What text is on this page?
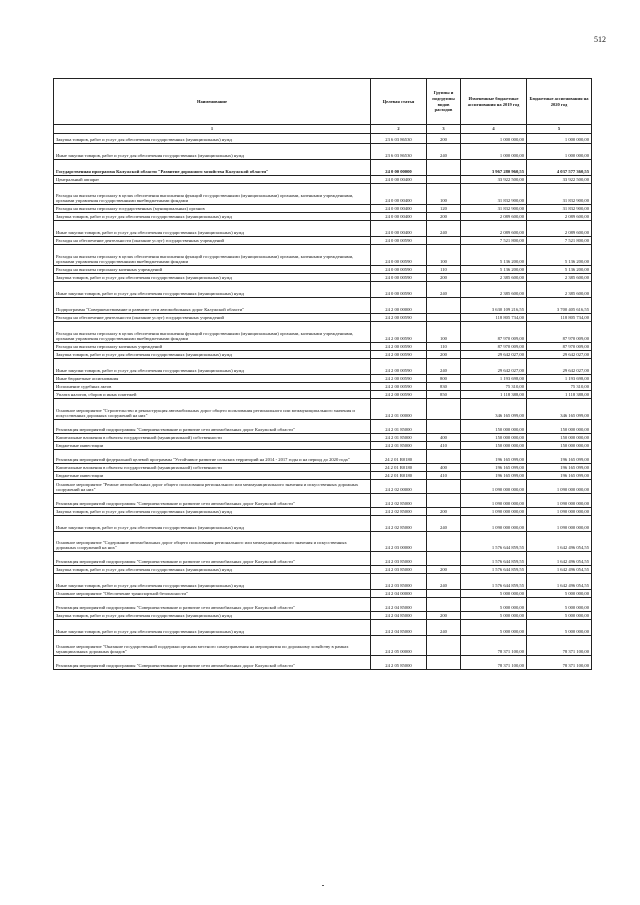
512
Наименование	Целевая статья	Группы и подгруппы видов расходов	Измененные бюджетные ассигнования на 2019 год	Бюджетные ассигнования на 2020 год
1	2	3	4	5
Закупка товаров, работ и услуг для обеспечения государственных (муниципальных) нужд	23 6 03 86530	200	1 000 000,00	1 000 000,00
Иные закупки товаров, работ и услуг для обеспечения государственных (муниципальных) нужд	23 6 03 86530	240	1 000 000,00	1 000 000,00
Государственная программа Калужской области "Развитие дорожного хозяйства Калужской области"	24 0 00 00000		3 967 280 960,55	4 037 577 360,55
Центральный аппарат	24 0 00 00400		33 922 500,00	33 922 500,00
Расходы на выплаты персоналу в целях обеспечения выполнения функций государственными (муниципальными) органами, казенными учреждениями, органами управления государственными внебюджетными фондами	24 0 00 00400	100	31 832 900,00	31 832 900,00
Расходы на выплаты персоналу государственных (муниципальных) органов	24 0 00 00400	120	31 832 900,00	31 832 900,00
Закупка товаров, работ и услуг для обеспечения государственных (муниципальных) нужд	24 0 00 00400	200	2 089 600,00	2 089 600,00
Иные закупки товаров, работ и услуг для обеспечения государственных (муниципальных) нужд	24 0 00 00400	240	2 089 600,00	2 089 600,00
Расходы на обеспечение деятельности (оказание услуг) государственных учреждений	24 0 00 00590		7 521 800,00	7 521 800,00
Расходы на выплаты персоналу в целях обеспечения выполнения функций государственными (муниципальными) органами, казенными учреждениями, органами управления государственными внебюджетными фондами	24 0 00 00590	100	5 136 200,00	5 136 200,00
Расходы на выплаты персоналу казенных учреждений	24 0 00 00590	110	5 136 200,00	5 136 200,00
Закупка товаров, работ и услуг для обеспечения государственных (муниципальных) нужд	24 0 00 00590	200	2 385 600,00	2 385 600,00
Иные закупки товаров, работ и услуг для обеспечения государственных (муниципальных) нужд	24 0 00 00590	240	2 385 600,00	2 385 600,00
Подпрограмма "Совершенствование и развитие сети автомобильных дорог Калужской области"	24 2 00 00000		3 630 109 216,55	3 700 405 616,55
Расходы на обеспечение деятельности (оказание услуг) государственных учреждений	24 2 00 00590		118 805 734,00	118 805 734,00
Расходы на выплаты персоналу в целях обеспечения выполнения функций государственными (муниципальными) органами, казенными учреждениями, органами управления государственными внебюджетными фондами	24 2 00 00590	100	87 970 009,00	87 970 009,00
Расходы на выплаты персоналу казенных учреждений	24 2 00 00590	110	87 970 009,00	87 970 009,00
Закупка товаров, работ и услуг для обеспечения государственных (муниципальных) нужд	24 2 00 00590	200	29 642 027,00	29 642 027,00
Иные закупки товаров, работ и услуг для обеспечения государственных (муниципальных) нужд	24 2 00 00590	240	29 642 027,00	29 642 027,00
Иные бюджетные ассигнования	24 2 00 00590	800	1 193 698,00	1 193 698,00
Исполнение судебных актов	24 2 00 00590	830	75 310,00	75 310,00
Уплата налогов, сборов и иных платежей	24 2 00 00590	850	1 118 388,00	1 118 388,00
Основное мероприятие "Строительство и реконструкция автомобильных дорог общего пользования регионального или межмуниципального значения и искусственных дорожных сооружений на них"	24 2 01 00000		346 165 099,00	346 165 099,00
Реализация мероприятий подпрограммы "Совершенствование и развитие сети автомобильных дорог Калужской области"	24 2 01 85000		150 000 000,00	150 000 000,00
Капитальные вложения в объекты государственной (муниципальной) собственности	24 2 01 85000	400	150 000 000,00	150 000 000,00
Бюджетные инвестиции	24 2 01 85000	410	150 000 000,00	150 000 000,00
Реализация мероприятий федеральной целевой программы "Устойчивое развитие сельских территорий на 2014 - 2017 годы и на период до 2020 года"	24 2 01 R0180		196 165 099,00	196 165 099,00
Капитальные вложения в объекты государственной (муниципальной) собственности	24 2 01 R0180	400	196 165 099,00	196 165 099,00
Бюджетные инвестиции	24 2 01 R0180	410	196 165 099,00	196 165 099,00
Основное мероприятие "Ремонт автомобильных дорог общего пользования регионального или межмуниципального значения и искусственных дорожных сооружений на них"	24 2 02 00000		1 090 000 000,00	1 090 000 000,00
Реализация мероприятий подпрограммы "Совершенствование и развитие сети автомобильных дорог Калужской области"	24 2 02 85000		1 090 000 000,00	1 090 000 000,00
Закупка товаров, работ и услуг для обеспечения государственных (муниципальных) нужд	24 2 02 85000	200	1 090 000 000,00	1 090 000 000,00
Иные закупки товаров, работ и услуг для обеспечения государственных (муниципальных) нужд	24 2 02 85000	240	1 090 000 000,00	1 090 000 000,00
Основное мероприятие "Содержание автомобильных дорог общего пользования регионального или межмуниципального значения и искусственных дорожных сооружений на них"	24 2 03 00000		1 576 644 859,55	1 642 496 054,55
Реализация мероприятий подпрограммы "Совершенствование и развитие сети автомобильных дорог Калужской области"	24 2 03 85000		1 576 644 859,55	1 642 496 054,55
Закупка товаров, работ и услуг для обеспечения государственных (муниципальных) нужд	24 2 03 85000	200	1 576 644 859,55	1 642 496 054,55
Иные закупки товаров, работ и услуг для обеспечения государственных (муниципальных) нужд	24 2 03 85000	240	1 576 644 859,55	1 642 496 054,55
Основное мероприятие "Обеспечение транспортной безопасности"	24 2 04 00000		5 000 000,00	5 000 000,00
Реализация мероприятий подпрограммы "Совершенствование и развитие сети автомобильных дорог Калужской области"	24 2 04 85000		5 000 000,00	5 000 000,00
Закупка товаров, работ и услуг для обеспечения государственных (муниципальных) нужд	24 2 04 85000	200	5 000 000,00	5 000 000,00
Иные закупки товаров, работ и услуг для обеспечения государственных (муниципальных) нужд	24 2 04 85000	240	5 000 000,00	5 000 000,00
Основное мероприятие "Оказание государственной поддержки органам местного самоуправления на мероприятия по дорожному хозяйству в рамках муниципальных дорожных фондов"	24 2 05 00000		78 371 100,00	78 371 100,00
Реализация мероприятий подпрограммы "Совершенствование и развитие сети автомобильных дорог Калужской области"	24 2 05 85000		78 371 100,00	78 371 100,00
